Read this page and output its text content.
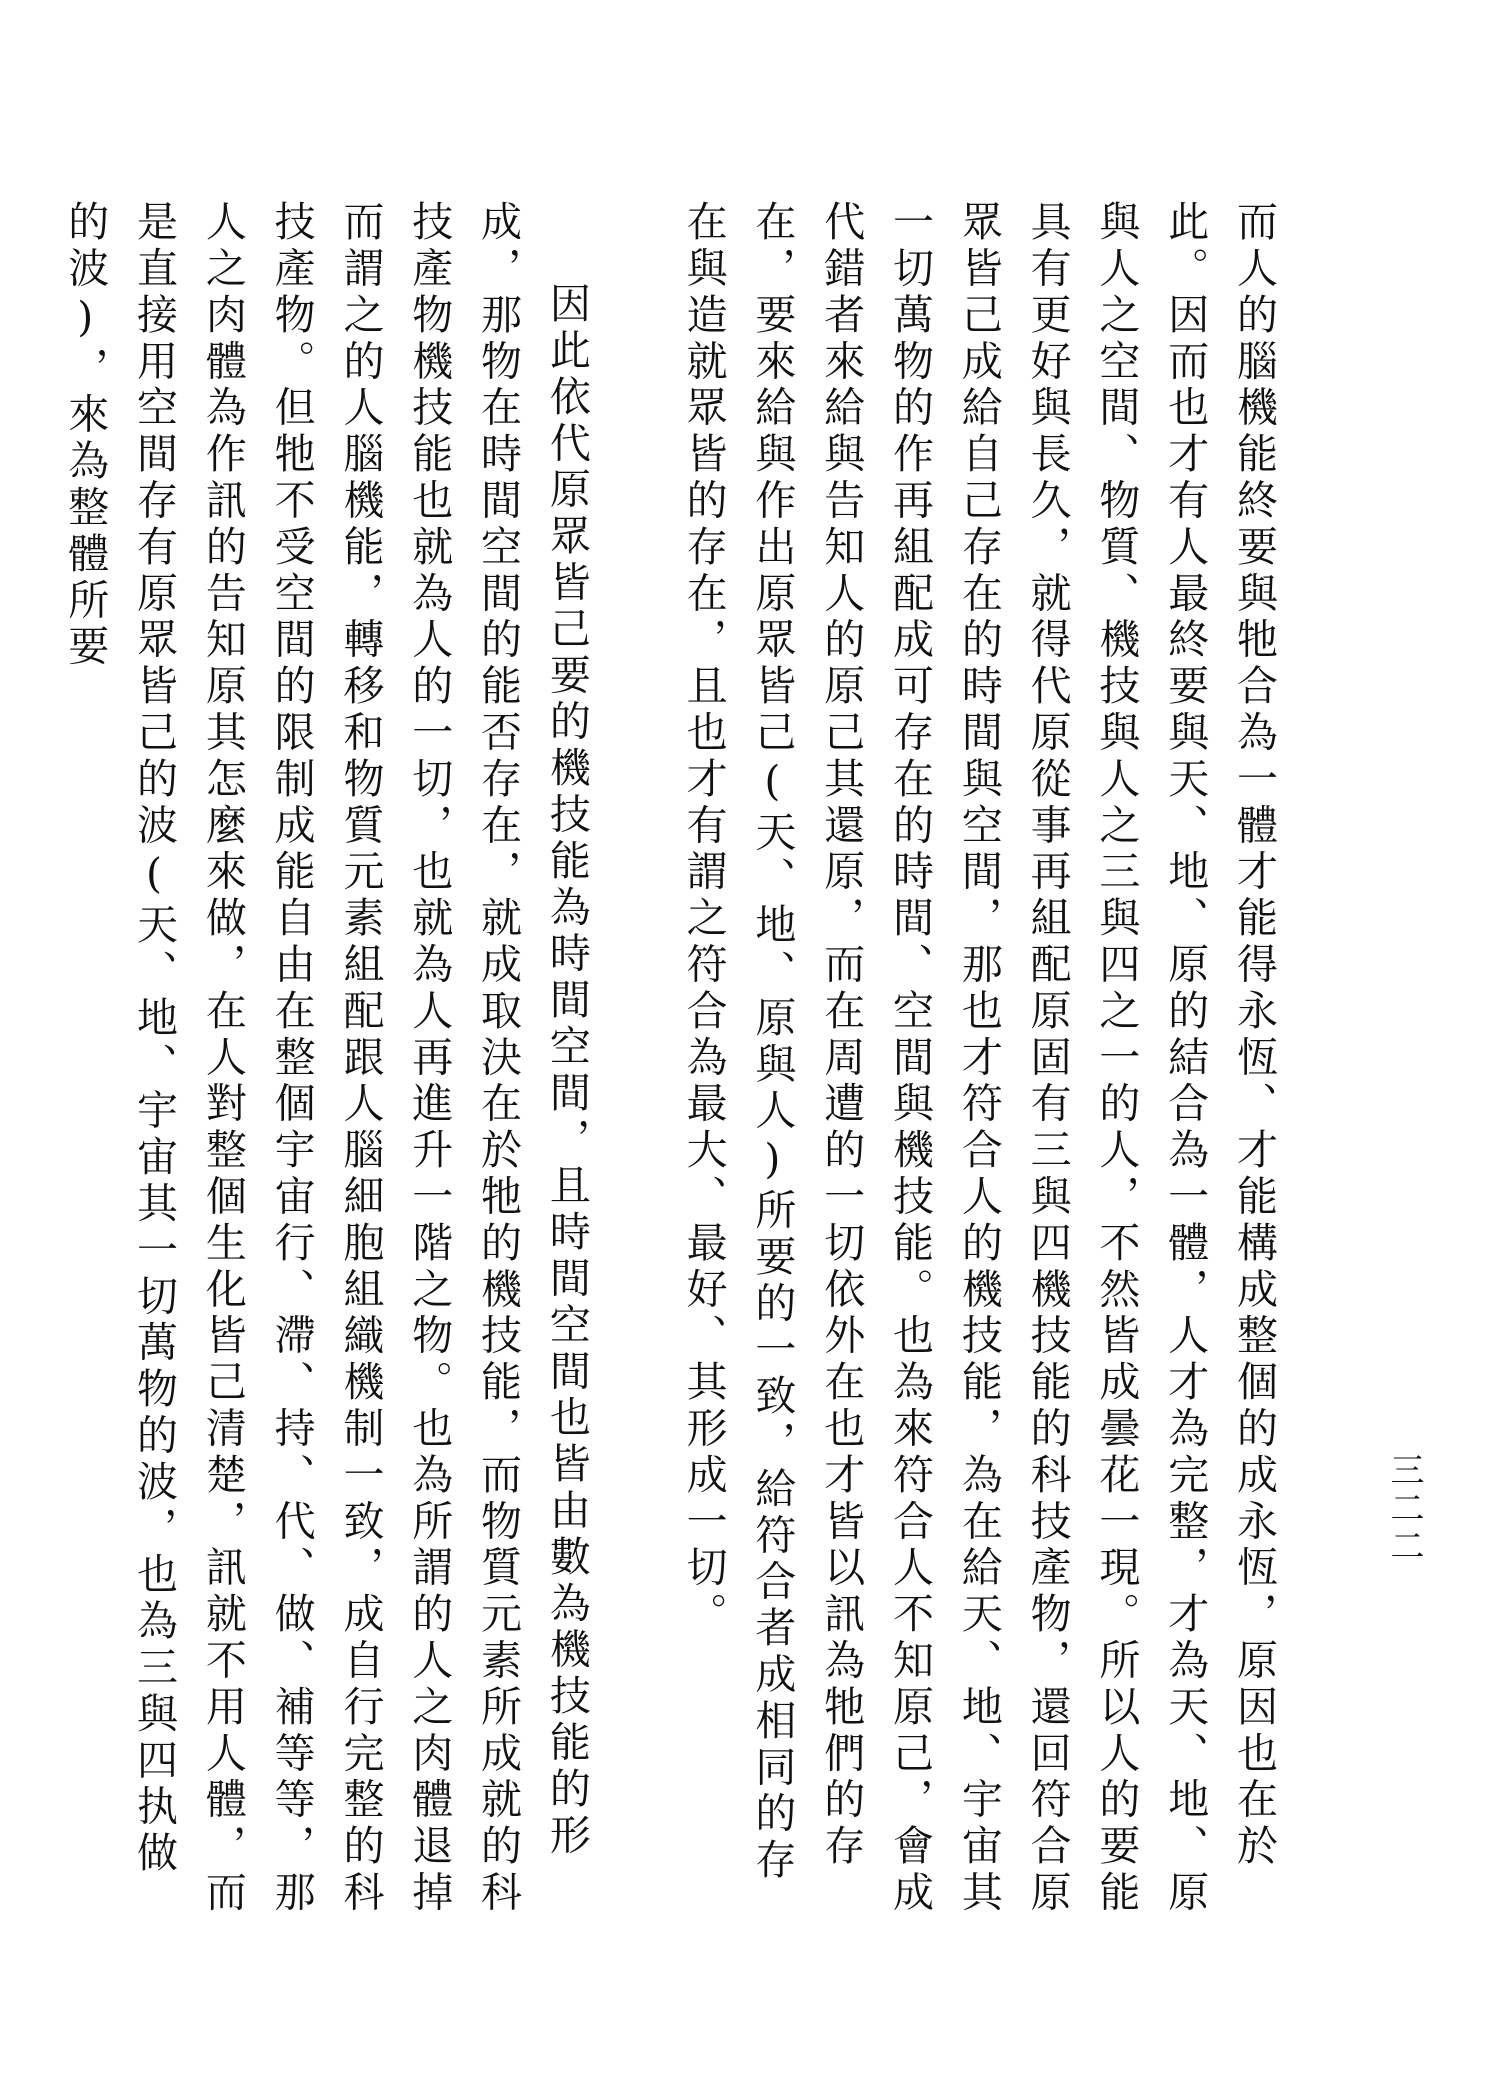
三二二

而人的腦機能終要與牠合為一體才能得永恆、才能構成整個的成永恆，原因也在於此。因而也才有人最終要與天、地、原的結合為一體，人才為完整，才為天、地、原與人之空間、物質、機技與人之三與四之一的人，不然皆成曇花一現。所以人的要能具有更好與長久，就得代原從事再組配原固有三與四機技能的科技產物，還回符合原眾皆己成給自己存在的時間與空間，那也才符合人的機技能，為在給天、地、宇宙其一切萬物的作再組配成可存在的時間、空間與機技能。也為來符合人不知原己，會成代錯者來給與告知人的原己其還原，而在周遭的一切依外在也才皆以訊為牠們的存在，要來給與作出原眾皆己(天、地、原與人)所要的一致，給符合者成相同的存在與造就眾皆的存在，且也才有謂之符合為最大、最好、其形成一切。

因此依代原眾皆己要的機技能為時間空間，且時間空間也皆由數為機技能的形成，那物在時間空間的能否存在，就成取決在於牠的機技能，而物質元素所成就的科技產物機技能也就為人的一切，也就為人再進升一階之物。也為所謂的人之肉體退掉而謂之的人腦機能，轉移和物質元素組配跟人腦細胞組織機制一致，成自行完整的科技產物。但牠不受空間的限制成能自由在整個宇宙行、滯、持、代、做、補等等，那人之肉體為作訊的告知原其怎麼來做，在人對整個生化皆己清楚，訊就不用人體，而是直接用空間存有原眾皆己的波(天、地、宇宙其一切萬物的波，也為三與四执做的波)，來為整體所要
